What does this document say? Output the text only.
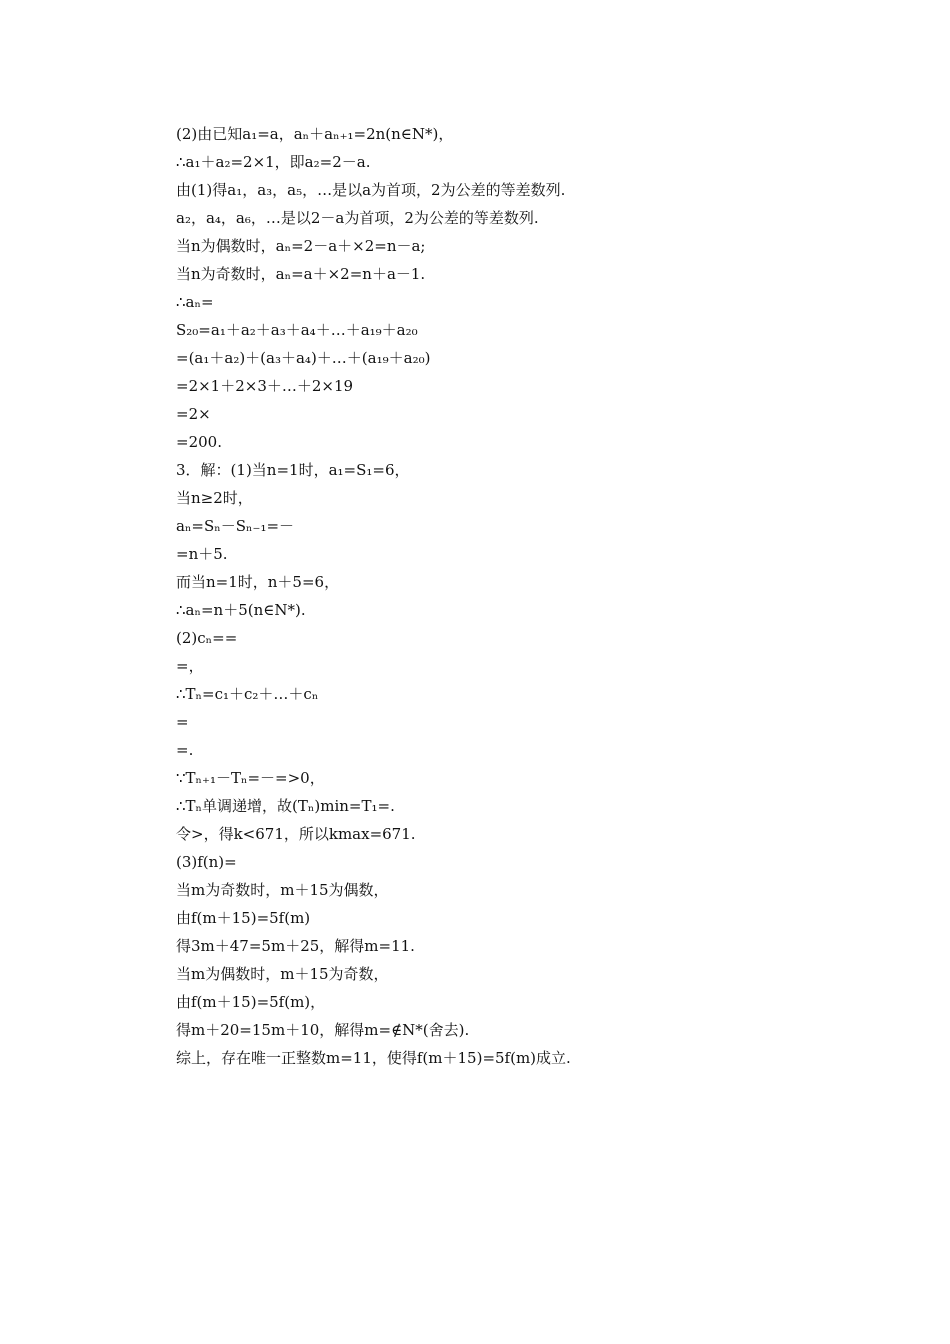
(2)由已知a₁=a，aₙ＋aₙ₊₁=2n(n∈N*)，
∴a₁＋a₂=2×1，即a₂=2－a.
由(1)得a₁，a₃，a₅，…是以a为首项，2为公差的等差数列.
a₂，a₄，a₆，…是以2－a为首项，2为公差的等差数列.
当n为偶数时，aₙ=2－a＋×2=n－a;
当n为奇数时，aₙ=a＋×2=n＋a－1.
∴aₙ=
S₂₀=a₁＋a₂＋a₃＋a₄＋…＋a₁₉＋a₂₀
=(a₁＋a₂)＋(a₃＋a₄)＋…＋(a₁₉＋a₂₀)
=2×1＋2×3＋…＋2×19
=2×
=200.
3．解：(1)当n=1时，a₁=S₁=6，
当n≥2时，
aₙ=Sₙ－Sₙ₋₁=－
=n＋5.
而当n=1时，n＋5=6，
∴aₙ=n＋5(n∈N*).
(2)cₙ==
=，
∴Tₙ=c₁＋c₂＋…＋cₙ
=
=.
∵Tₙ₊₁－Tₙ=－=>0，
∴Tₙ单调递增，故(Tₙ)min=T₁=.
令>，得k<671，所以kmax=671.
(3)f(n)=
当m为奇数时，m＋15为偶数，
由f(m＋15)=5f(m)
得3m＋47=5m＋25，解得m=11.
当m为偶数时，m＋15为奇数，
由f(m＋15)=5f(m)，
得m＋20=15m＋10，解得m=∉N*(舍去).
综上，存在唯一正整数m=11，使得f(m＋15)=5f(m)成立.
